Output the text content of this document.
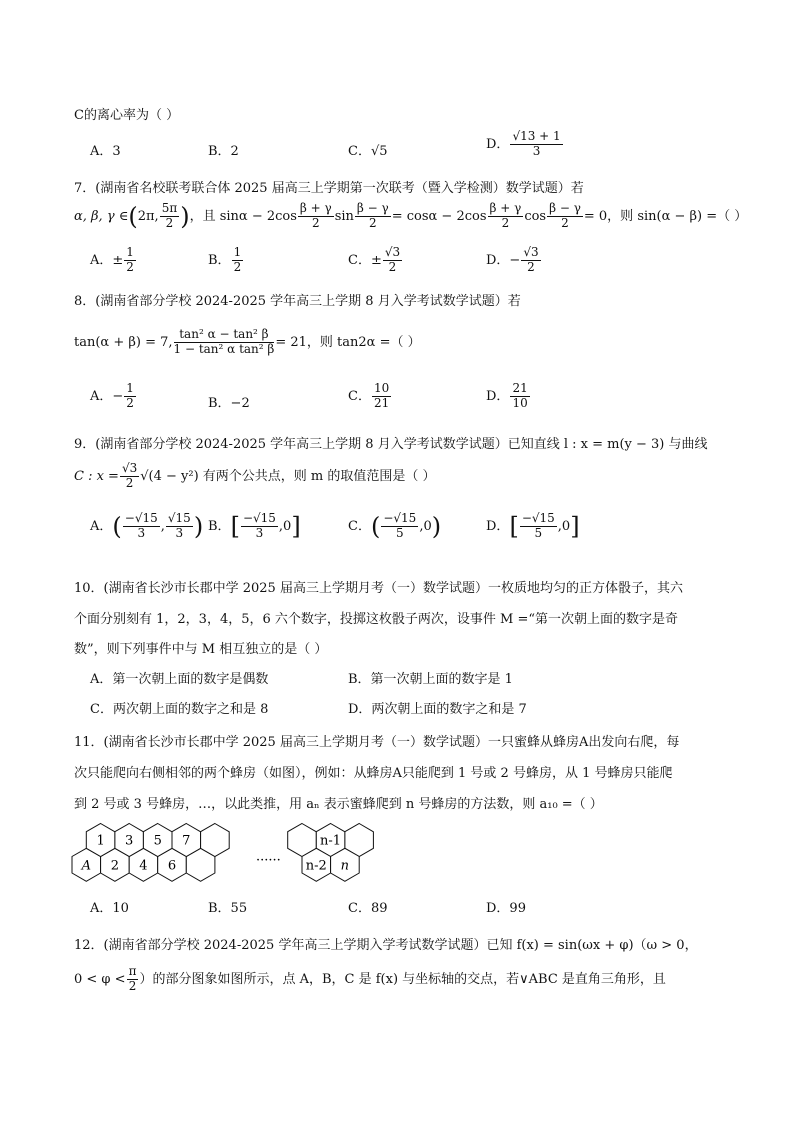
C的离心率为（ ）
A．3	B．2	C．√5	D． $\frac{√13 + 1}{3}$
7．(湖南省名校联考联合体 2025 届高三上学期第一次联考（暨入学检测）数学试题）若
α, β, γ ∈(2π, $\frac{5\pi}{2}$ )，且 $\sin\alpha - 2\cos \frac{\beta + \gamma}{2}$ $\sin \frac{\beta - \gamma}{2} = \cos\alpha - 2\cos \frac{\beta + \gamma}{2}$ $\cos \frac{\beta - \gamma}{2} = 0$，则 sin(α − β) =（ ）
A．± $\frac{1}{2}$	B． $\frac{1}{2}$	C．± $\frac{√3}{2}$	D．− $\frac{√3}{2}$
8．(湖南省部分学校 2024-2025 学年高三上学期 8 月入学考试数学试题）若
tan(α + β) = 7, $\frac{\text{tan² α − tan² β}}{\text{1 − tan² α tan² β}} = 21$，则 tan2α =（ ）
A．− $\frac{1}{2}$	B．−2	C． $\frac{10}{21}$	D． $\frac{21}{10}$
9．(湖南省部分学校 2024-2025 学年高三上学期 8 月入学考试数学试题）已知直线 l : x = m(y − 3) 与曲线
C : $x = \frac{√3}{2} √(4 - y^2)$ 有两个公共点，则 m 的取值范围是（ ）
A．( $\frac{-√15}{3}$ , $\frac{√15}{3}$ ) B．[ $\frac{-√15}{3} ,0$]	C．( $\frac{-√15}{5} ,0$)	D．[ $\frac{-√15}{5} ,0$]
10．(湖南省长沙市长郡中学 2025 届高三上学期月考（一）数学试题）一枚质地均匀的正方体骰子，其六
个面分别刻有 1，2，3，4，5，6 六个数字，投掷这枚骰子两次，设事件 M =“第一次朝上面的数字是奇
数”，则下列事件中与 M 相互独立的是（ ）
A．第一次朝上面的数字是偶数	B．第一次朝上面的数字是 1
C．两次朝上面的数字之和是 8	D．两次朝上面的数字之和是 7
11．(湖南省长沙市长郡中学 2025 届高三上学期月考（一）数学试题）一只蜜蜂从蜂房A出发向右爬，每
次只能爬向右侧相邻的两个蜂房（如图），例如：从蜂房A只能爬到 1 号或 2 号蜂房，从 1 号蜂房只能爬
到 2 号或 3 号蜂房，…，以此类推，用 aₙ 表示蜜蜂爬到 n 号蜂房的方法数，则 a₁₀ =（ ）
A 2 4 6
1 3 5 7	n-1
n-2 n
······
A．10	B．55	C．89	D．99
12．(湖南省部分学校 2024-2025 学年高三上学期入学考试数学试题）已知 f(x) = sin(ωx + φ)（ω > 0，
$0 < \varphi < \frac{\pi}{2}$ ）的部分图象如图所示，点 A，B，C 是 f(x) 与坐标轴的交点，若∨ABC 是直角三角形，且
